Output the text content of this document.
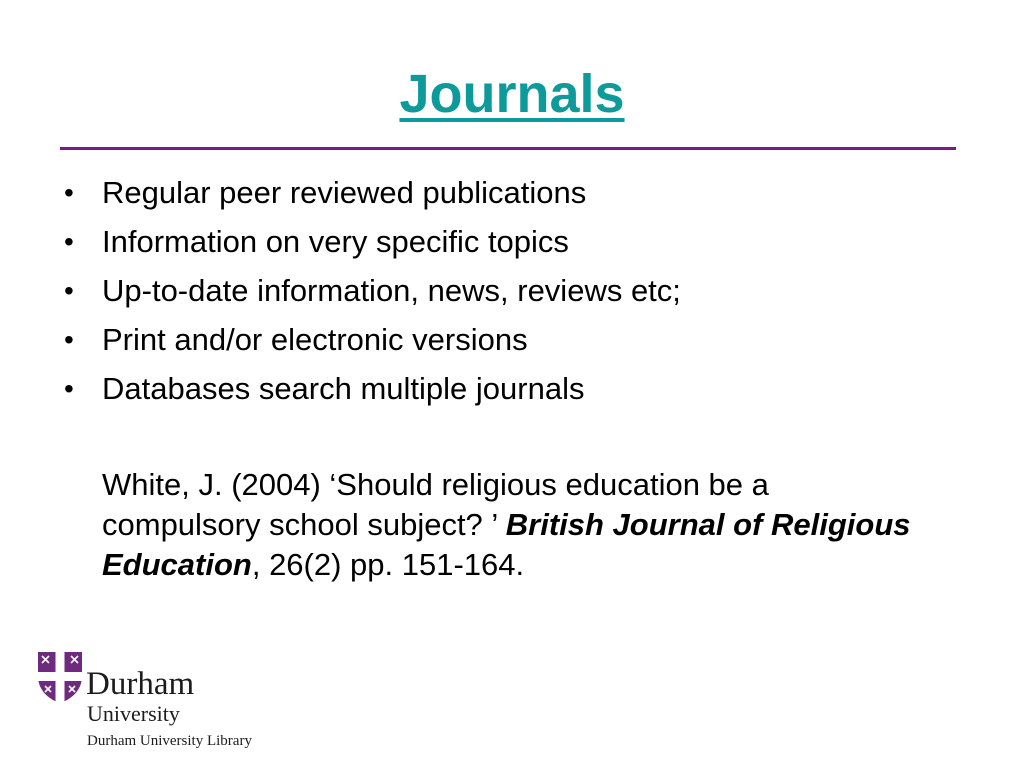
Journals
• Regular peer reviewed publications
• Information on very specific topics
• Up-to-date information, news, reviews etc;
• Print and/or electronic versions
• Databases search multiple journals

White, J. (2004) ‘Should religious education be a compulsory school subject? ’ British Journal of Religious Education, 26(2) pp. 151-164.

Durham
University
Durham University Library
